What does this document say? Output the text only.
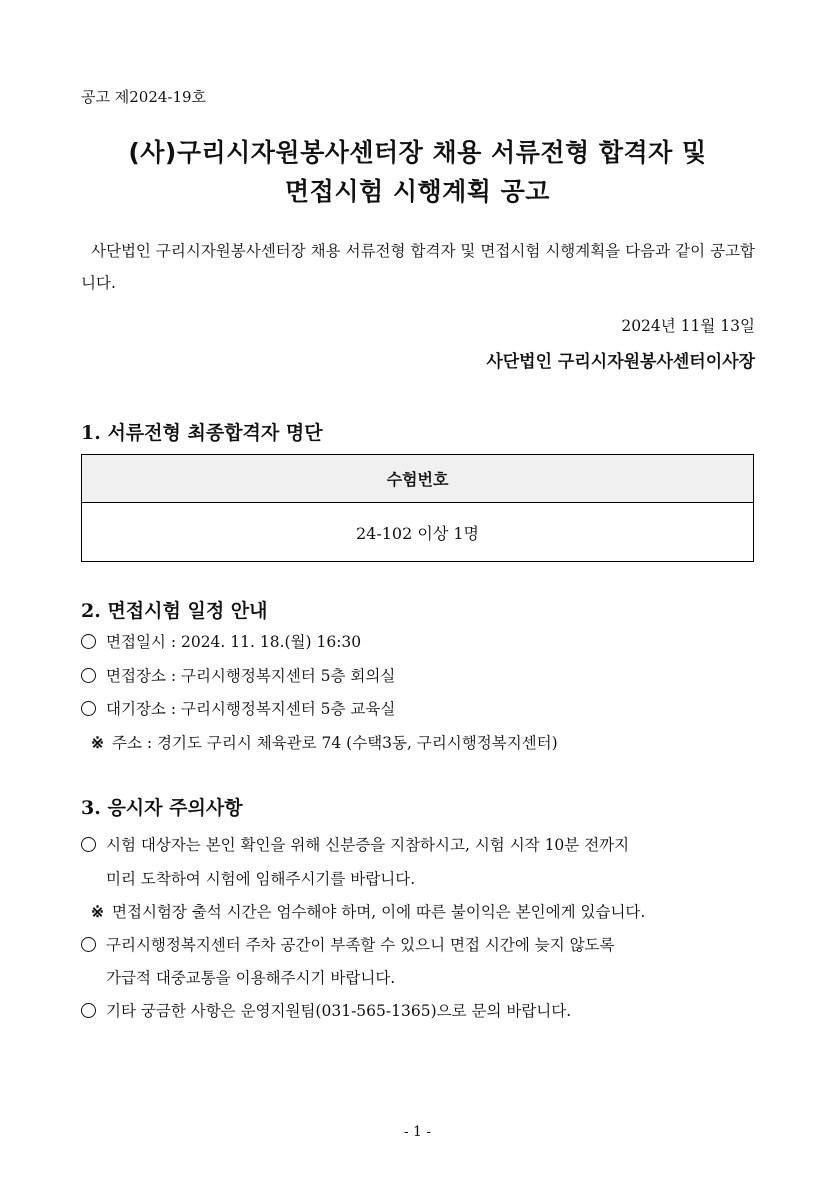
공고 제2024-19호
(사)구리시자원봉사센터장 채용 서류전형 합격자 및
면접시험 시행계획 공고
사단법인 구리시자원봉사센터장 채용 서류전형 합격자 및 면접시험 시행계획을 다음과 같이 공고합니다.
2024년 11월 13일
사단법인 구리시자원봉사센터이사장
1. 서류전형 최종합격자 명단
수험번호
24-102 이상 1명
2. 면접시험 일정 안내
면접일시 : 2024. 11. 18.(월) 16:30
면접장소 : 구리시행정복지센터 5층 회의실
대기장소 : 구리시행정복지센터 5층 교육실
※ 주소 : 경기도 구리시 체육관로 74 (수택3동, 구리시행정복지센터)
3. 응시자 주의사항
시험 대상자는 본인 확인을 위해 신분증을 지참하시고, 시험 시작 10분 전까지
미리 도착하여 시험에 임해주시기를 바랍니다.
※ 면접시험장 출석 시간은 엄수해야 하며, 이에 따른 불이익은 본인에게 있습니다.
구리시행정복지센터 주차 공간이 부족할 수 있으니 면접 시간에 늦지 않도록
가급적 대중교통을 이용해주시기 바랍니다.
기타 궁금한 사항은 운영지원팀(031-565-1365)으로 문의 바랍니다.
- 1 -
